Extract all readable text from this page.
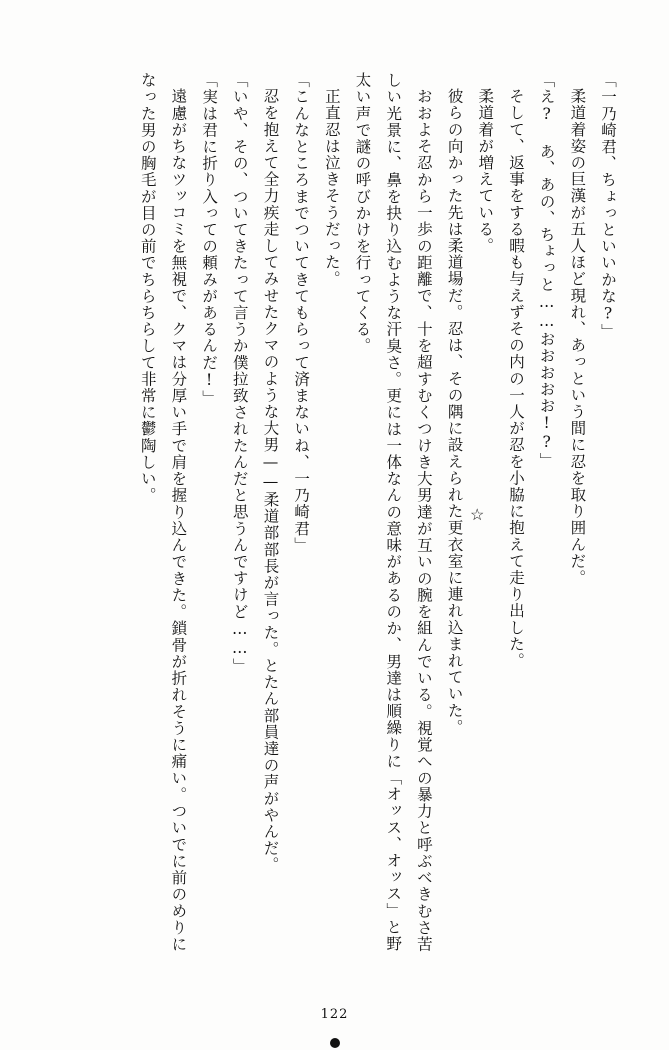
「一乃崎君、ちょっといいかな?」

柔道着姿の巨漢が五人ほど現れ、あっという間に忍を取り囲んだ。

「え? あ、あの、ちょっと……おおおおお!?」

そして、返事をする暇も与えずその内の一人が忍を小脇に抱えて走り出した。

柔道着が増えている。

彼らの向かった先は柔道場だ。忍は、その隅に設えられた更衣室に連れ込まれていた。

おおよそ忍から一歩の距離で、十を超すむくつけき大男達が互いの腕を組んでいる。視覚への暴力と呼ぶべきむさ苦しい光景に、鼻を抉り込むような汗臭さ。更には一体なんの意味があるのか、男達は順繰りに「オッス、オッス」と野太い声で謎の呼びかけを行ってくる。

正直忍は泣きそうだった。

「こんなところまでついてきてもらって済まないね、一乃崎君」

忍を抱えて全力疾走してみせたクマのような大男——柔道部部長が言った。とたん部員達の声がやんだ。

「いや、その、ついてきたって言うか僕拉致されたんだと思うんですけど……」

「実は君に折り入っての頼みがあるんだ!」

遠慮がちなツッコミを無視で、クマは分厚い手で肩を握り込んできた。鎖骨が折れそうに痛い。ついでに前のめりになった男の胸毛が目の前でちらちらして非常に鬱陶しい。

☆
122
